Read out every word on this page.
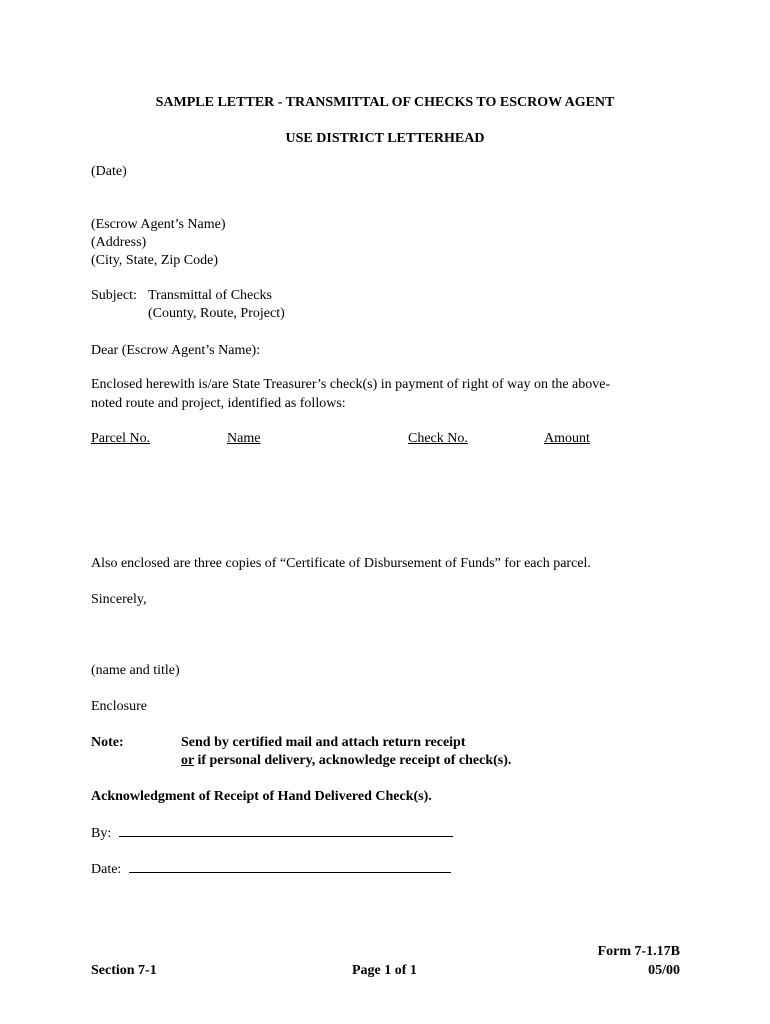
SAMPLE LETTER - TRANSMITTAL OF CHECKS TO ESCROW AGENT
USE DISTRICT LETTERHEAD
(Date)
(Escrow Agent’s Name)
(Address)
(City, State, Zip Code)
Subject: Transmittal of Checks
(County, Route, Project)
Dear (Escrow Agent’s Name):
Enclosed herewith is/are State Treasurer’s check(s) in payment of right of way on the above-
noted route and project, identified as follows:
Parcel No.	Name	Check No.	Amount
Also enclosed are three copies of “Certificate of Disbursement of Funds” for each parcel.
Sincerely,
(name and title)
Enclosure
Note:	Send by certified mail and attach return receipt
or if personal delivery, acknowledge receipt of check(s).
Acknowledgment of Receipt of Hand Delivered Check(s).
By:
Date:
Section 7-1	Page 1 of 1
Form 7-1.17B
05/00
